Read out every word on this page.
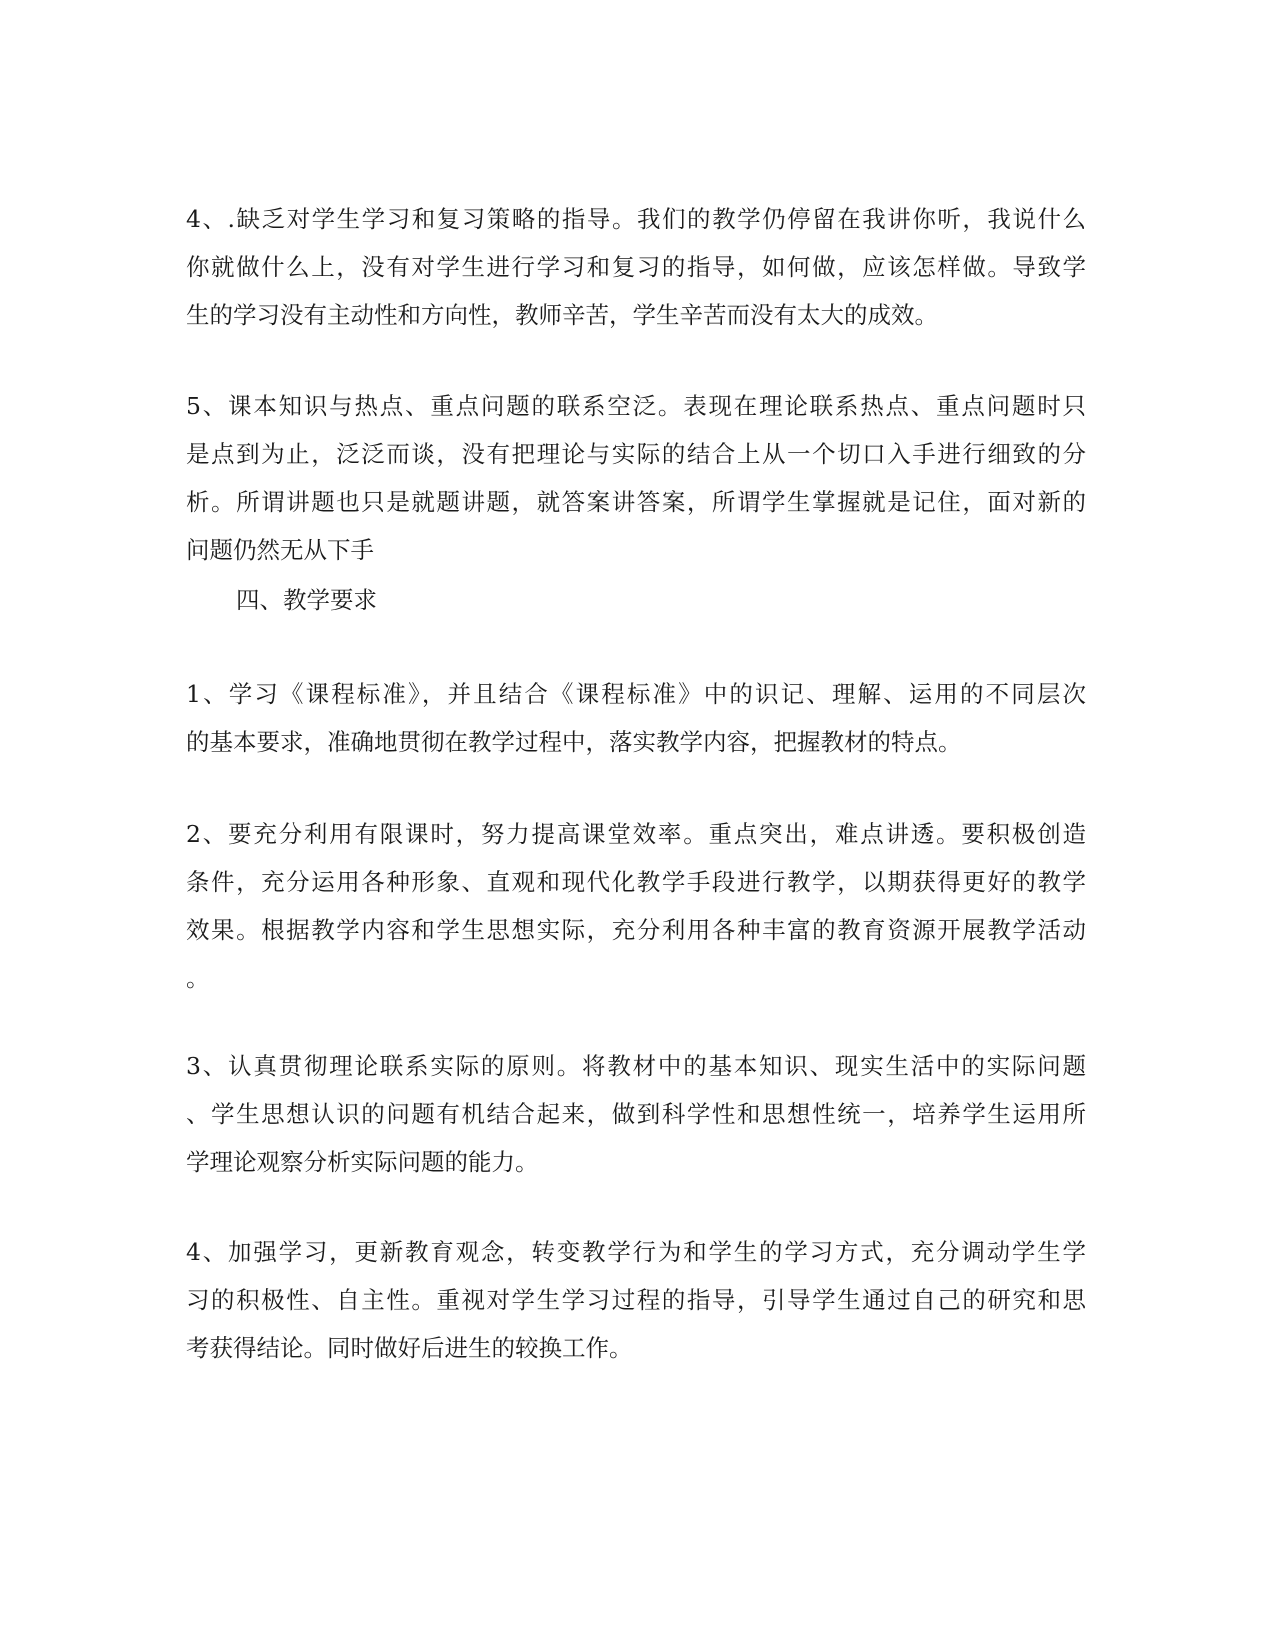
4、.缺乏对学生学习和复习策略的指导。我们的教学仍停留在我讲你听，我说什么
你就做什么上，没有对学生进行学习和复习的指导，如何做，应该怎样做。导致学
生的学习没有主动性和方向性，教师辛苦，学生辛苦而没有太大的成效。
5、课本知识与热点、重点问题的联系空泛。表现在理论联系热点、重点问题时只
是点到为止，泛泛而谈，没有把理论与实际的结合上从一个切口入手进行细致的分
析。所谓讲题也只是就题讲题，就答案讲答案，所谓学生掌握就是记住，面对新的
问题仍然无从下手
四、教学要求
1、学习《课程标准》，并且结合《课程标准》中的识记、理解、运用的不同层次
的基本要求，准确地贯彻在教学过程中，落实教学内容，把握教材的特点。
2、要充分利用有限课时，努力提高课堂效率。重点突出，难点讲透。要积极创造
条件，充分运用各种形象、直观和现代化教学手段进行教学，以期获得更好的教学
效果。根据教学内容和学生思想实际，充分利用各种丰富的教育资源开展教学活动
。
3、认真贯彻理论联系实际的原则。将教材中的基本知识、现实生活中的实际问题
、学生思想认识的问题有机结合起来，做到科学性和思想性统一，培养学生运用所
学理论观察分析实际问题的能力。
4、加强学习，更新教育观念，转变教学行为和学生的学习方式，充分调动学生学
习的积极性、自主性。重视对学生学习过程的指导，引导学生通过自己的研究和思
考获得结论。同时做好后进生的较换工作。
